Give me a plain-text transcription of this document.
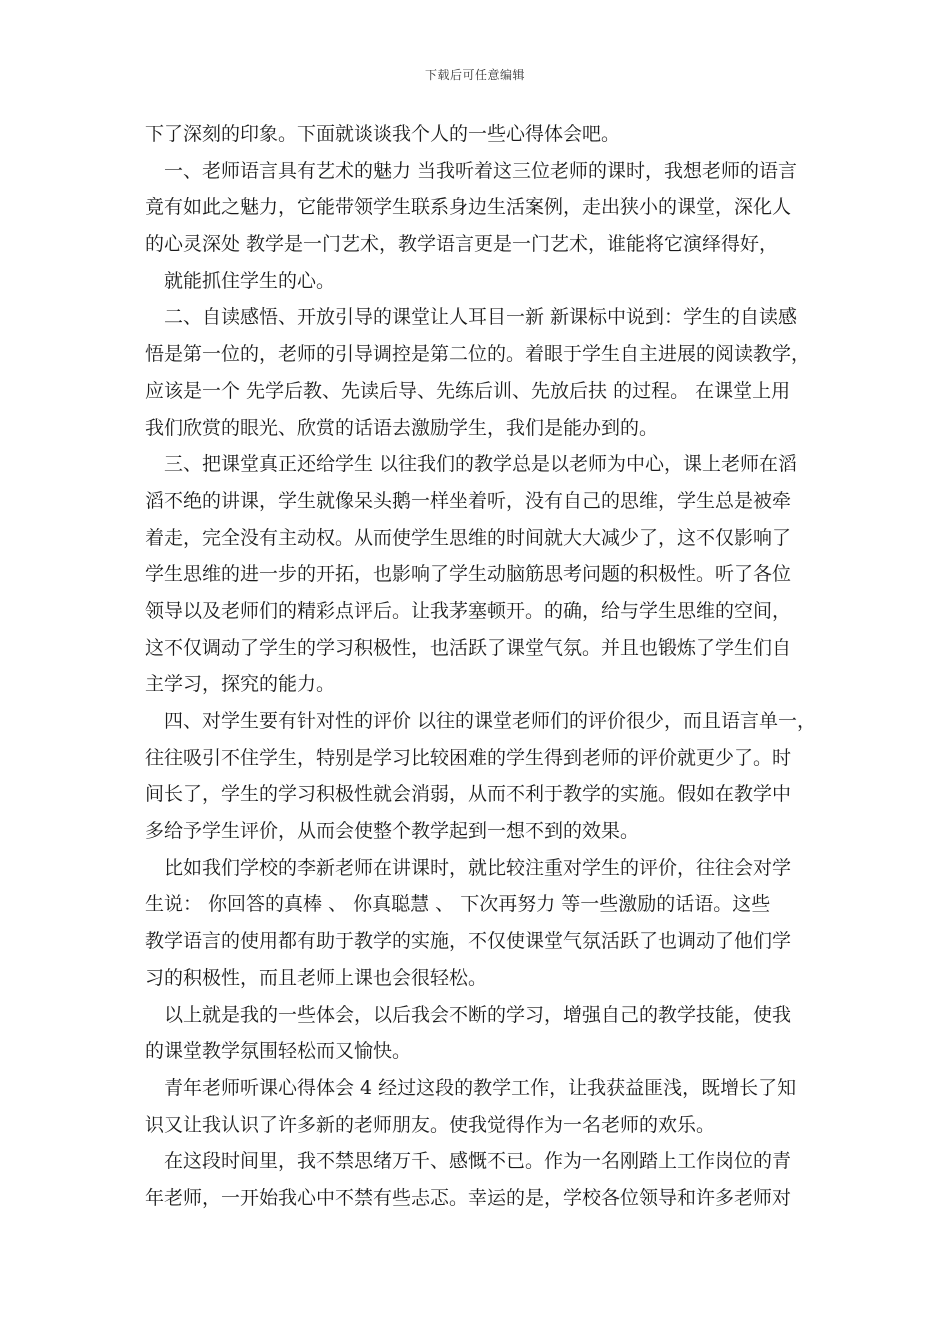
下载后可任意编辑
下了深刻的印象。下面就谈谈我个人的一些心得体会吧。
一、老师语言具有艺术的魅力 当我听着这三位老师的课时，我想老师的语言
竟有如此之魅力，它能带领学生联系身边生活案例，走出狭小的课堂，深化人
的心灵深处 教学是一门艺术，教学语言更是一门艺术，谁能将它演绎得好，
就能抓住学生的心。
二、自读感悟、开放引导的课堂让人耳目一新 新课标中说到：学生的自读感
悟是第一位的，老师的引导调控是第二位的。着眼于学生自主进展的阅读教学，
应该是一个 先学后教、先读后导、先练后训、先放后扶 的过程。 在课堂上用
我们欣赏的眼光、欣赏的话语去激励学生，我们是能办到的。
三、把课堂真正还给学生 以往我们的教学总是以老师为中心，课上老师在滔
滔不绝的讲课，学生就像呆头鹅一样坐着听，没有自己的思维，学生总是被牵
着走，完全没有主动权。从而使学生思维的时间就大大减少了，这不仅影响了
学生思维的进一步的开拓，也影响了学生动脑筋思考问题的积极性。听了各位
领导以及老师们的精彩点评后。让我茅塞顿开。的确，给与学生思维的空间，
这不仅调动了学生的学习积极性，也活跃了课堂气氛。并且也锻炼了学生们自
主学习，探究的能力。
四、对学生要有针对性的评价 以往的课堂老师们的评价很少，而且语言单一，
往往吸引不住学生，特别是学习比较困难的学生得到老师的评价就更少了。时
间长了，学生的学习积极性就会消弱，从而不利于教学的实施。假如在教学中
多给予学生评价，从而会使整个教学起到一想不到的效果。
比如我们学校的李新老师在讲课时，就比较注重对学生的评价，往往会对学
生说： 你回答的真棒 、 你真聪慧 、 下次再努力 等一些激励的话语。这些
教学语言的使用都有助于教学的实施，不仅使课堂气氛活跃了也调动了他们学
习的积极性，而且老师上课也会很轻松。
以上就是我的一些体会，以后我会不断的学习，增强自己的教学技能，使我
的课堂教学氛围轻松而又愉快。
青年老师听课心得体会 4 经过这段的教学工作，让我获益匪浅，既增长了知
识又让我认识了许多新的老师朋友。使我觉得作为一名老师的欢乐。
在这段时间里，我不禁思绪万千、感慨不已。作为一名刚踏上工作岗位的青
年老师，一开始我心中不禁有些忐忑。幸运的是，学校各位领导和许多老师对
